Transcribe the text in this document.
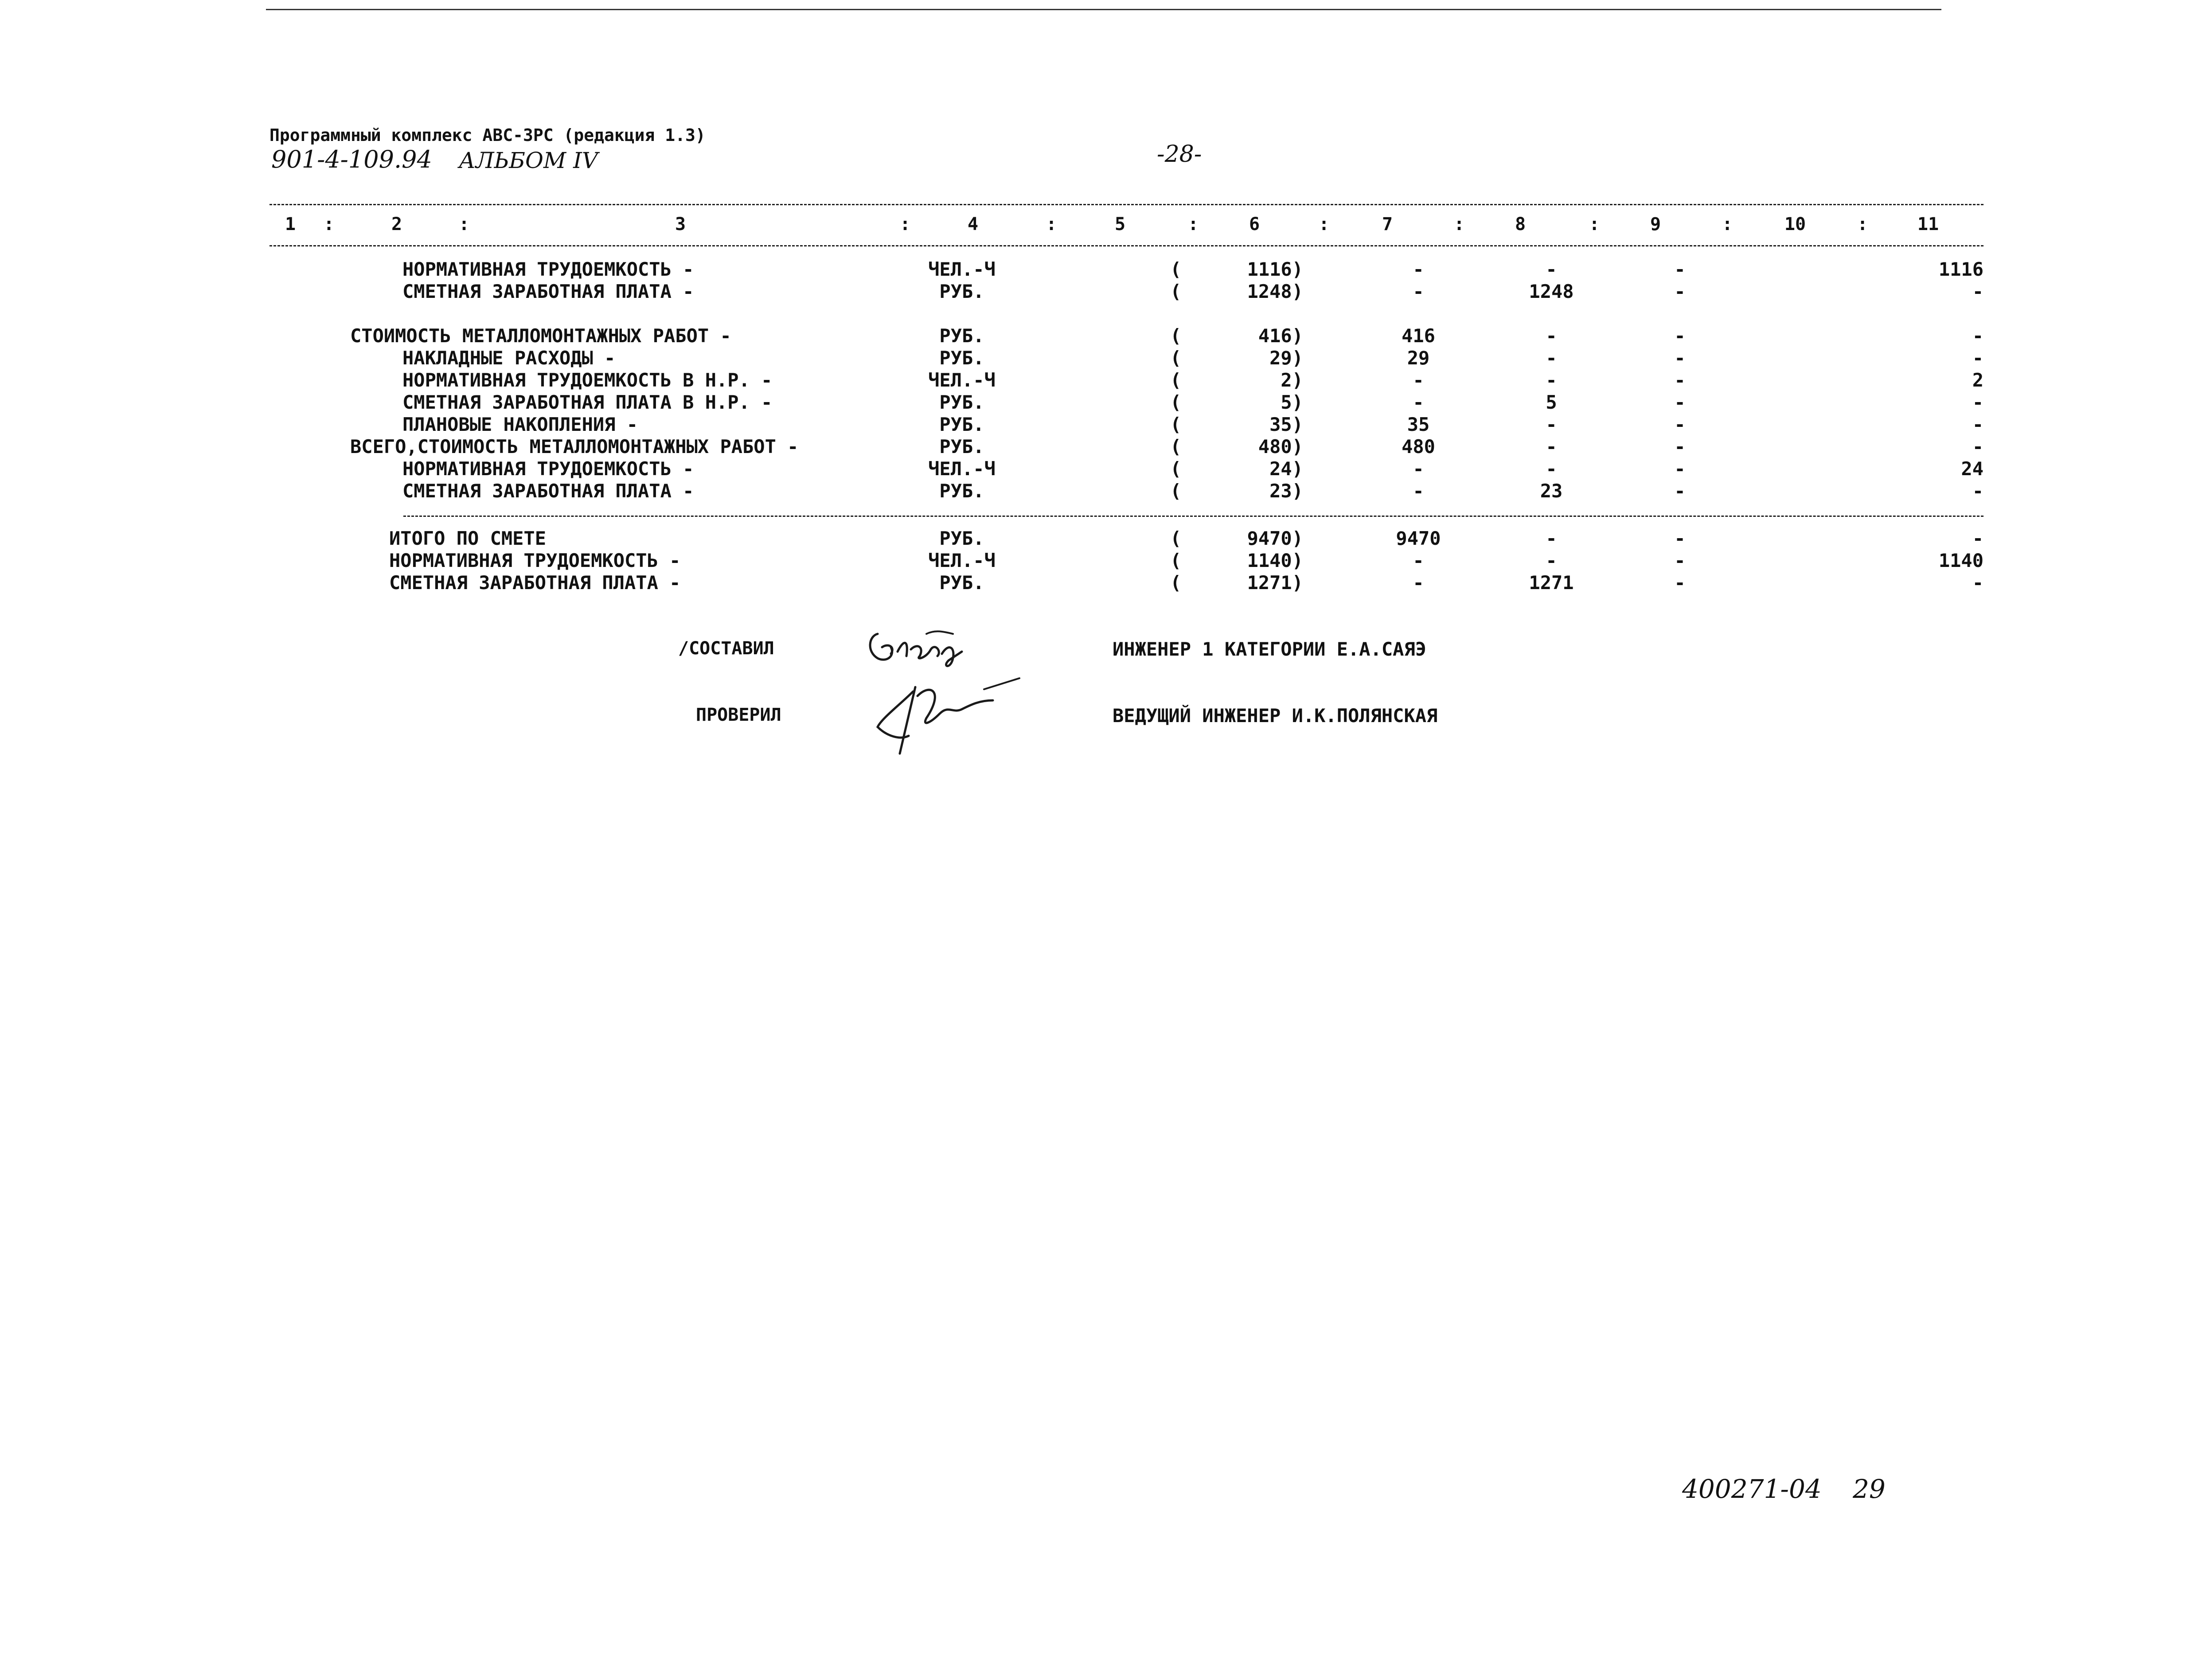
Программный комплекс АВС-3РС (редакция 1.3)
901-4-109.94 АЛЬБОМ IV	-28-
1	:	2	:	3	:	4	:	5	:	6	:	7	:	8	:	9	:	10	:	11
НОРМАТИВНАЯ ТРУДОЕМКОСТЬ -	ЧЕЛ.-Ч	(	1116)	-	-	-	1116
СМЕТНАЯ ЗАРАБОТНАЯ ПЛАТА -	РУБ.	(	1248)	-	1248	-	-
СТОИМОСТЬ МЕТАЛЛОМОНТАЖНЫХ РАБОТ -	РУБ.	(	416)	416	-	-	-
НАКЛАДНЫЕ РАСХОДЫ -	РУБ.	(	29)	29	-	-	-
НОРМАТИВНАЯ ТРУДОЕМКОСТЬ В Н.Р. -	ЧЕЛ.-Ч	(	2)	-	-	-	2
СМЕТНАЯ ЗАРАБОТНАЯ ПЛАТА В Н.Р. -	РУБ.	(	5)	-	5	-	-
ПЛАНОВЫЕ НАКОПЛЕНИЯ -	РУБ.	(	35)	35	-	-	-
ВСЕГО,СТОИМОСТЬ МЕТАЛЛОМОНТАЖНЫХ РАБОТ -	РУБ.	(	480)	480	-	-	-
НОРМАТИВНАЯ ТРУДОЕМКОСТЬ -	ЧЕЛ.-Ч	(	24)	-	-	-	24
СМЕТНАЯ ЗАРАБОТНАЯ ПЛАТА -	РУБ.	(	23)	-	23	-	-
ИТОГО ПО СМЕТЕ	РУБ.	(	9470)	9470	-	-	-
НОРМАТИВНАЯ ТРУДОЕМКОСТЬ -	ЧЕЛ.-Ч	(	1140)	-	-	-	1140
СМЕТНАЯ ЗАРАБОТНАЯ ПЛАТА -	РУБ.	(	1271)	-	1271	-	-
/СОСТАВИЛ	ИНЖЕНЕР 1 КАТЕГОРИИ Е.А.САЯЭ
ПРОВЕРИЛ	ВЕДУЩИЙ ИНЖЕНЕР И.К.ПОЛЯНСКАЯ
400271-04 29
